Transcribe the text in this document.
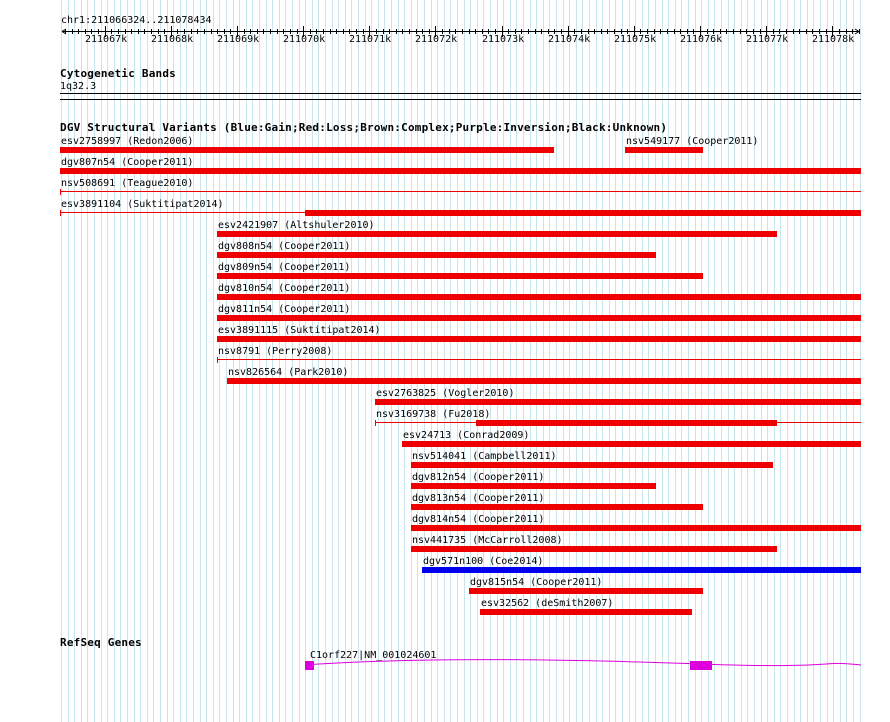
chr1:211066324..211078434
211067k 211068k 211069k 211070k 211071k 211072k 211073k 211074k 211075k 211076k 211077k 211078k
Cytogenetic Bands
1q32.3
DGV Structural Variants (Blue:Gain;Red:Loss;Brown:Complex;Purple:Inversion;Black:Unknown)
esv2758997 (Redon2006)	nsv549177 (Cooper2011)
dgv807n54 (Cooper2011)
nsv508691 (Teague2010)
esv3891104 (Suktitipat2014)
esv2421907 (Altshuler2010)
dgv808n54 (Cooper2011)
dgv809n54 (Cooper2011)
dgv810n54 (Cooper2011)
dgv811n54 (Cooper2011)
esv3891115 (Suktitipat2014)
nsv8791 (Perry2008)
nsv826564 (Park2010)
esv2763825 (Vogler2010)
nsv3169738 (Fu2018)
esv24713 (Conrad2009)
nsv514041 (Campbell2011)
dgv812n54 (Cooper2011)
dgv813n54 (Cooper2011)
dgv814n54 (Cooper2011)
nsv441735 (McCarroll2008)
dgv571n100 (Coe2014)
dgv815n54 (Cooper2011)
esv32562 (deSmith2007)
RefSeq Genes
C1orf227|NM_001024601
